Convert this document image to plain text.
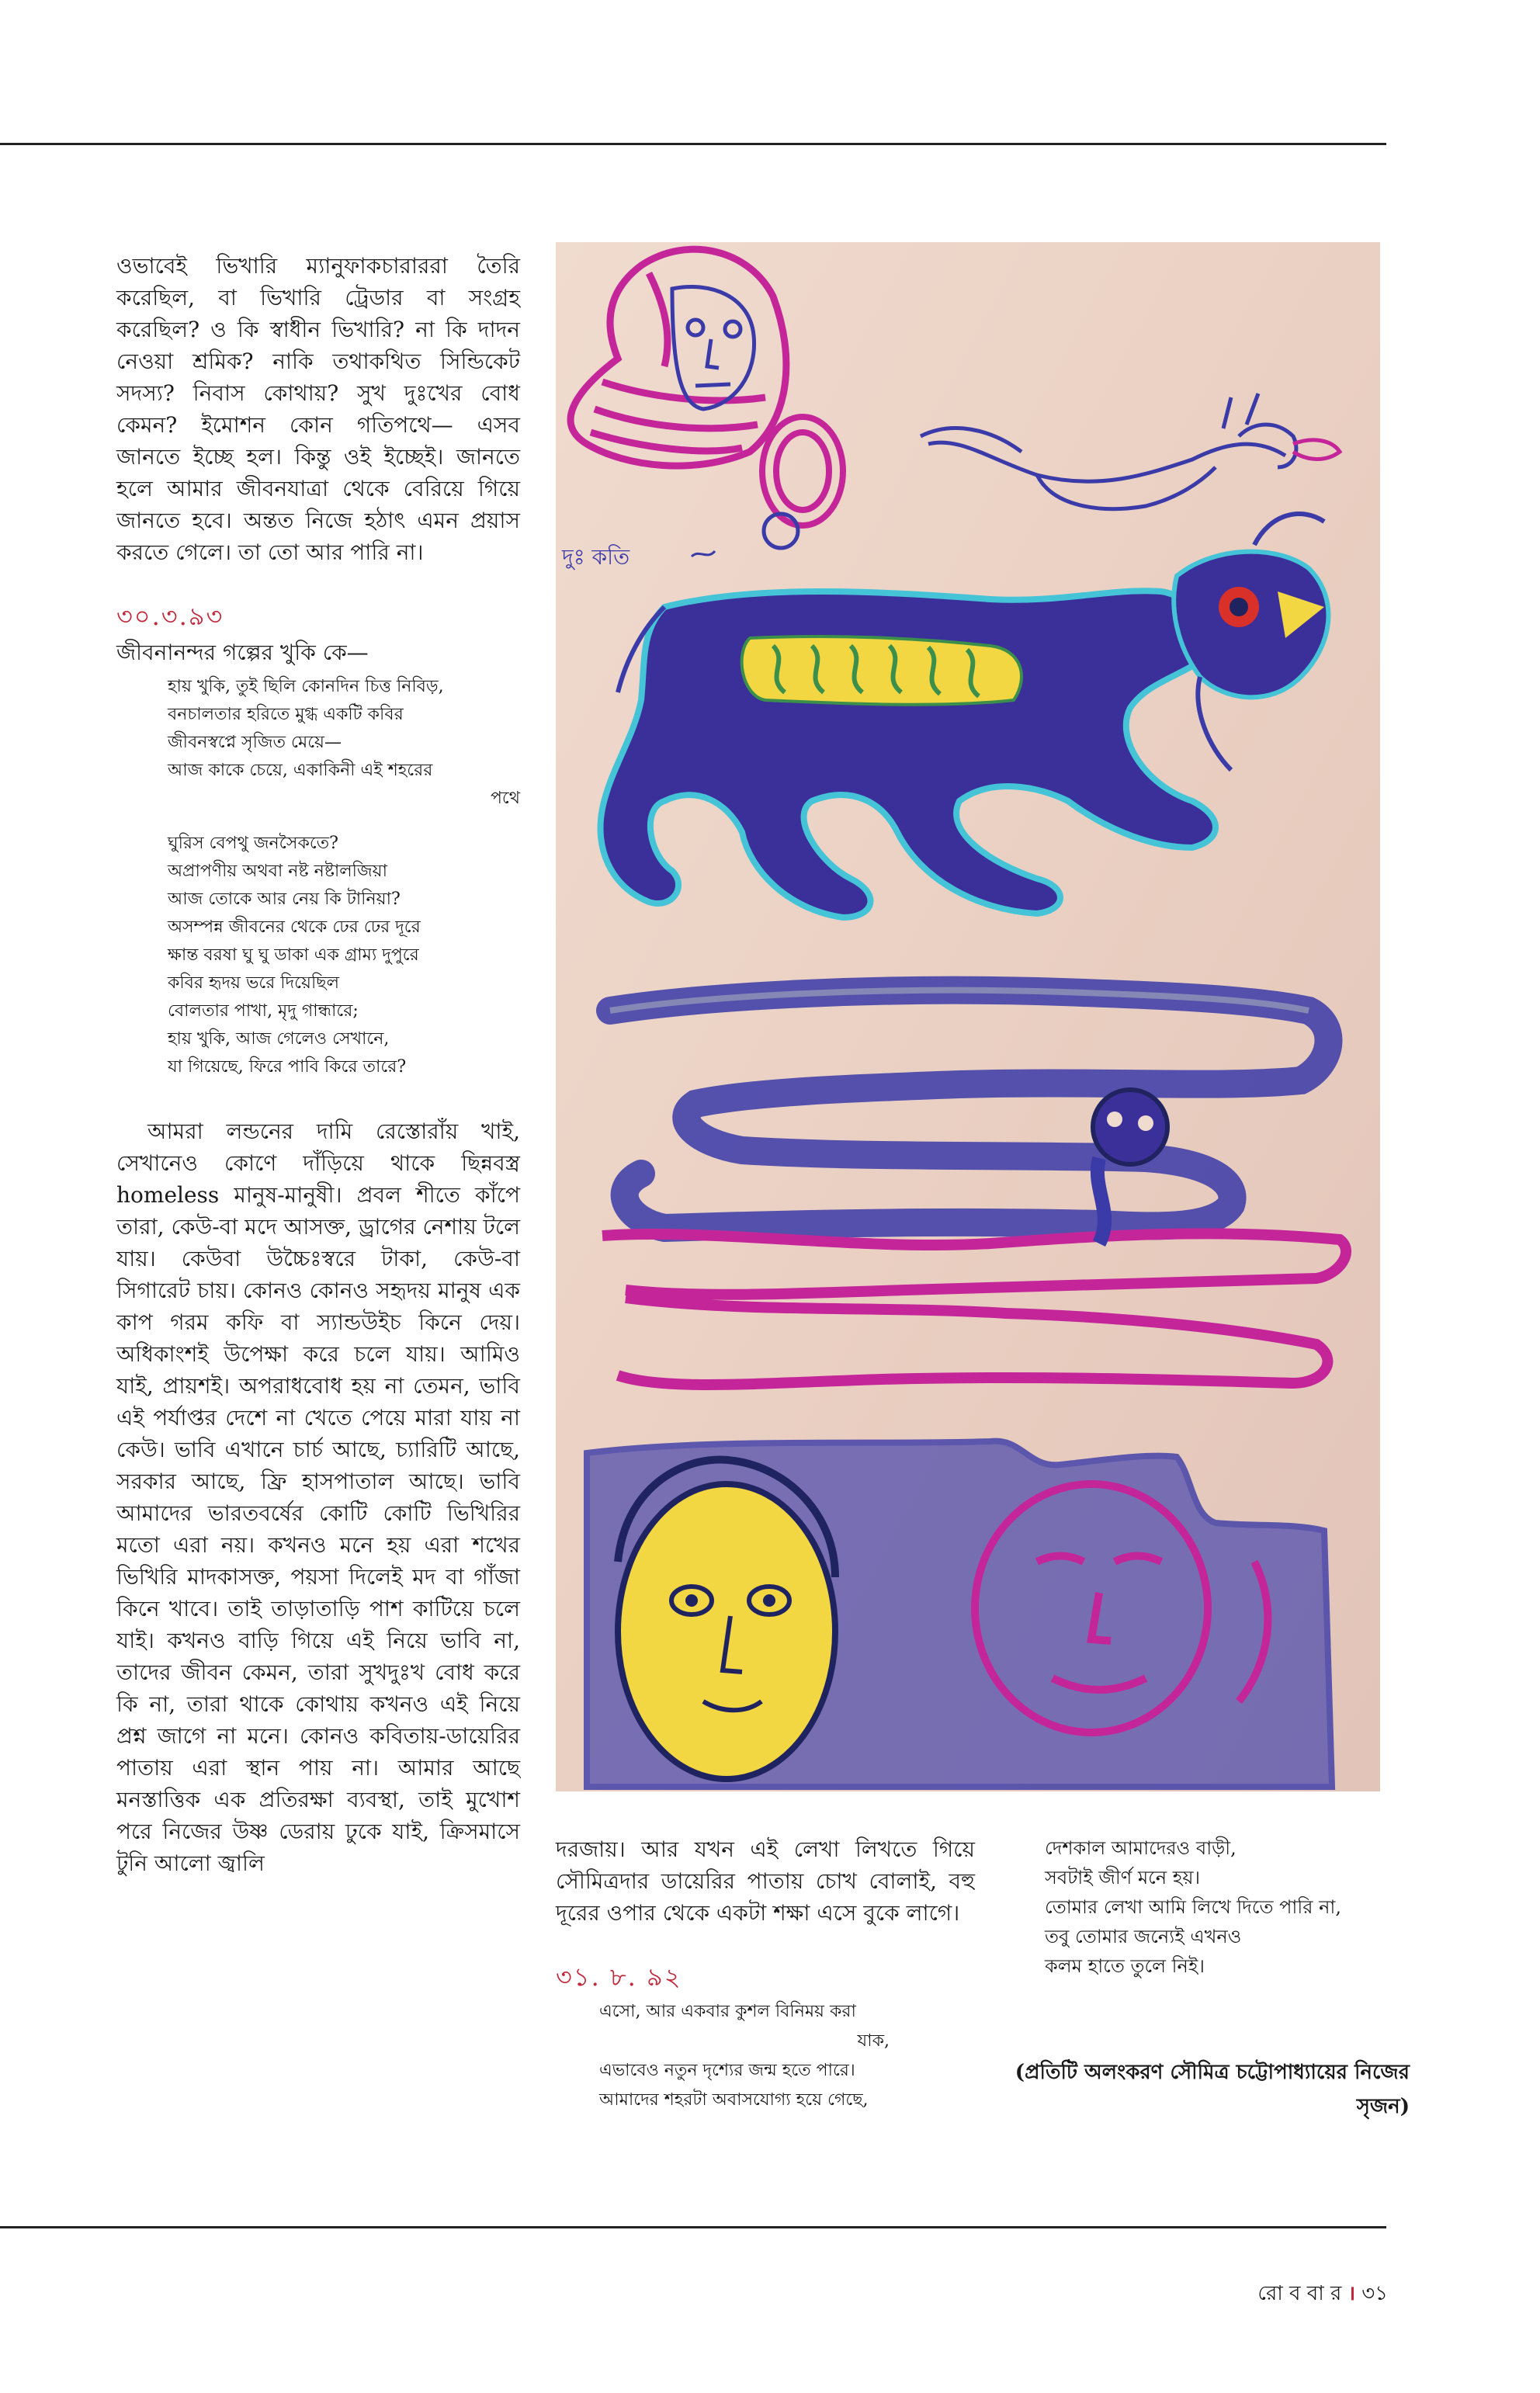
ওভাবেই ভিখারি ম্যানুফাকচারাররা তৈরি করেছিল, বা ভিখারি ট্রেডার বা সংগ্রহ করেছিল? ও কি স্বাধীন ভিখারি? না কি দাদন নেওয়া শ্রমিক? নাকি তথাকথিত সিন্ডিকেট সদস্য? নিবাস কোথায়? সুখ দুঃখের বোধ কেমন? ইমোশন কোন গতিপথে— এসব জানতে ইচ্ছে হল। কিন্তু ওই ইচ্ছেই। জানতে হলে আমার জীবনযাত্রা থেকে বেরিয়ে গিয়ে জানতে হবে। অন্তত নিজে হঠাৎ এমন প্রয়াস করতে গেলে। তা তো আর পারি না।

৩০.৩.৯৩

জীবনানন্দর গল্পের খুকি কে—

হায় খুকি, তুই ছিলি কোনদিন চিত্ত নিবিড়,
বনচালতার হরিতে মুগ্ধ একটি কবির
জীবনস্বপ্নে সৃজিত মেয়ে—
আজ কাকে চেয়ে, একাকিনী এই শহরের
পথে
ঘুরিস বেপথু জনসৈকতে?
অপ্রাপণীয় অথবা নষ্ট নষ্টালজিয়া
আজ তোকে আর নেয় কি টানিয়া?
অসম্পন্ন জীবনের থেকে ঢের ঢের দূরে
ক্ষান্ত বরষা ঘু ঘু ডাকা এক গ্রাম্য দুপুরে
কবির হৃদয় ভরে দিয়েছিল
বোলতার পাখা, মৃদু গান্ধারে;
হায় খুকি, আজ গেলেও সেখানে,
যা গিয়েছে, ফিরে পাবি কিরে তারে?

আমরা লন্ডনের দামি রেস্তোরাঁয় খাই, সেখানেও কোণে দাঁড়িয়ে থাকে ছিন্নবস্ত্র homeless মানুষ-মানুষী। প্রবল শীতে কাঁপে তারা, কেউ-বা মদে আসক্ত, ড্রাগের নেশায় টলে যায়। কেউবা উচ্চৈঃস্বরে টাকা, কেউ-বা সিগারেট চায়। কোনও কোনও সহৃদয় মানুষ এক কাপ গরম কফি বা স্যান্ডউইচ কিনে দেয়। অধিকাংশই উপেক্ষা করে চলে যায়। আমিও যাই, প্রায়শই। অপরাধবোধ হয় না তেমন, ভাবি এই পর্যাপ্তর দেশে না খেতে পেয়ে মারা যায় না কেউ। ভাবি এখানে চার্চ আছে, চ্যারিটি আছে, সরকার আছে, ফ্রি হাসপাতাল আছে। ভাবি আমাদের ভারতবর্ষের কোটি কোটি ভিখিরির মতো এরা নয়। কখনও মনে হয় এরা শখের ভিখিরি মাদকাসক্ত, পয়সা দিলেই মদ বা গাঁজা কিনে খাবে। তাই তাড়াতাড়ি পাশ কাটিয়ে চলে যাই। কখনও বাড়ি গিয়ে এই নিয়ে ভাবি না, তাদের জীবন কেমন, তারা সুখদুঃখ বোধ করে কি না, তারা থাকে কোথায় কখনও এই নিয়ে প্রশ্ন জাগে না মনে। কোনও কবিতায়-ডায়েরির পাতায় এরা স্থান পায় না। আমার আছে মনস্তাত্তিক এক প্রতিরক্ষা ব্যবস্থা, তাই মুখোশ পরে নিজের উষ্ণ ডেরায় ঢুকে যাই, ক্রিসমাসে টুনি আলো জ্বালি

দুঃ কতি

দরজায়। আর যখন এই লেখা লিখতে গিয়ে সৌমিত্রদার ডায়েরির পাতায় চোখ বোলাই, বহু দূরের ওপার থেকে একটা শক্ষা এসে বুকে লাগে।

৩১. ৮. ৯২
এসো, আর একবার কুশল বিনিময় করা
যাক,
এভাবেও নতুন দৃশ্যের জন্ম হতে পারে।
আমাদের শহরটা অবাসযোগ্য হয়ে গেছে,
দেশকাল আমাদেরও বাড়ী,
সবটাই জীর্ণ মনে হয়।
তোমার লেখা আমি লিখে দিতে পারি না,
তবু তোমার জন্যেই এখনও
কলম হাতে তুলে নিই।
(প্রতিটি অলংকরণ সৌমিত্র চট্টোপাধ্যায়ের নিজের সৃজন)
রো ব বা র । ৩১
